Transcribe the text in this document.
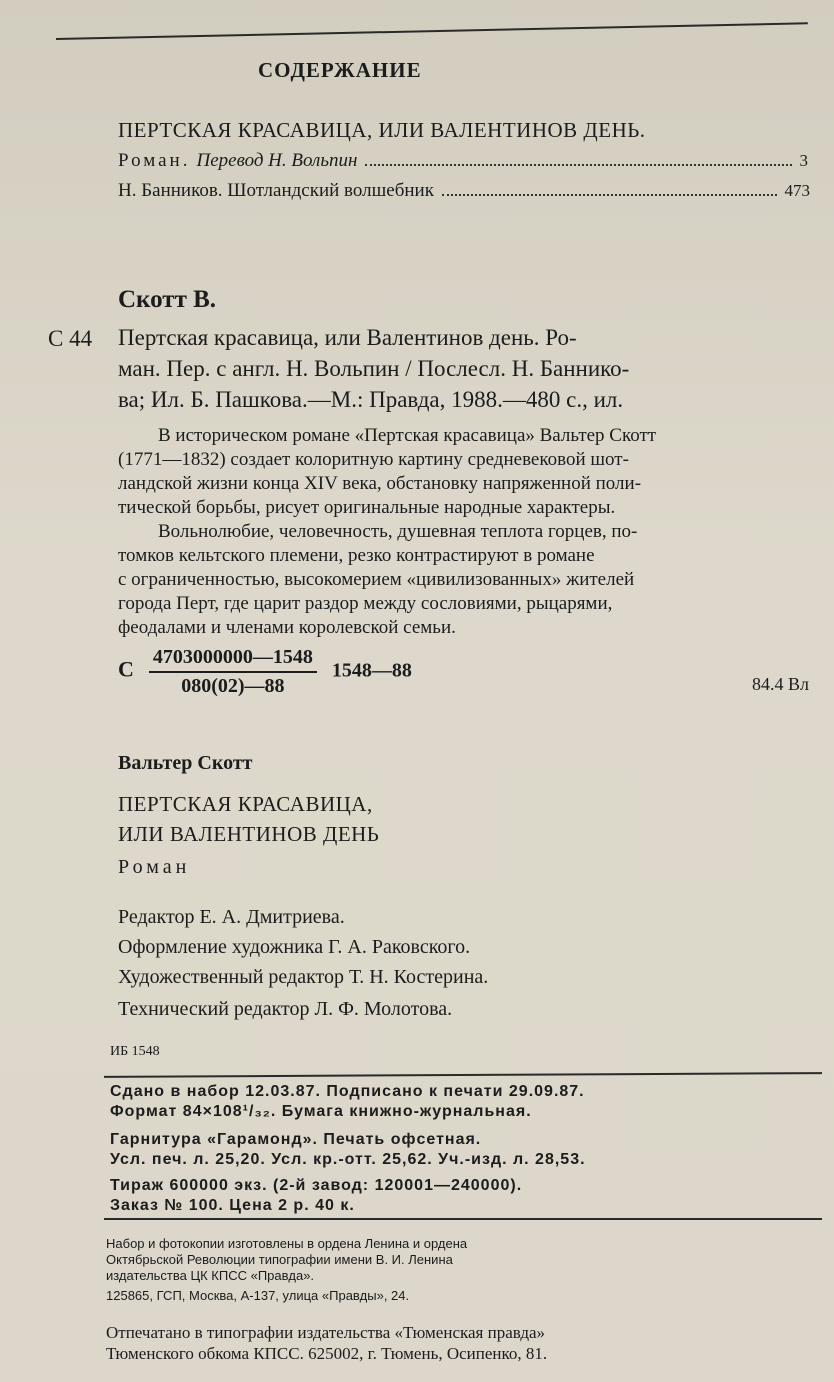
СОДЕРЖАНИЕ
ПЕРТСКАЯ КРАСАВИЦА, ИЛИ ВАЛЕНТИНОВ ДЕНЬ.
Роман. Перевод Н. Вольпин	3
Н. Банников. Шотландский волшебник	473
Скотт В.
С 44 Пертская красавица, или Валентинов день. Ро-
ман. Пер. с англ. Н. Вольпин / Послесл. Н. Баннико-
ва; Ил. Б. Пашкова.—М.: Правда, 1988.—480 с., ил.
В историческом романе «Пертская красавица» Вальтер Скотт
(1771—1832) создает колоритную картину средневековой шот-
ландской жизни конца XIV века, обстановку напряженной поли-
тической борьбы, рисует оригинальные народные характеры.
Вольнолюбие, человечность, душевная теплота горцев, по-
томков кельтского племени, резко контрастируют в романе
с ограниченностью, высокомерием «цивилизованных» жителей
города Перт, где царит раздор между сословиями, рыцарями,
феодалами и членами королевской семьи.
С $\frac{4703000000—1548}{080(02)—88}$ 1548—88
84.4 Вл
Вальтер Скотт
ПЕРТСКАЯ КРАСАВИЦА,
ИЛИ ВАЛЕНТИНОВ ДЕНЬ
Роман
Редактор Е. А. Дмитриева.
Оформление художника Г. А. Раковского.
Художественный редактор Т. Н. Костерина.
Технический редактор Л. Ф. Молотова.
ИБ 1548
Сдано в набор 12.03.87. Подписано к печати 29.09.87.
Формат 84×108¹/₃₂. Бумага книжно-журнальная.
Гарнитура «Гарамонд». Печать офсетная.
Усл. печ. л. 25,20. Усл. кр.-отт. 25,62. Уч.-изд. л. 28,53.
Тираж 600000 экз. (2-й завод: 120001—240000).
Заказ № 100. Цена 2 р. 40 к.
Набор и фотокопии изготовлены в ордена Ленина и ордена
Октябрьской Революции типографии имени В. И. Ленина
издательства ЦК КПСС «Правда».
125865, ГСП, Москва, А-137, улица «Правды», 24.
Отпечатано в типографии издательства «Тюменская правда»
Тюменского обкома КПСС. 625002, г. Тюмень, Осипенко, 81.
